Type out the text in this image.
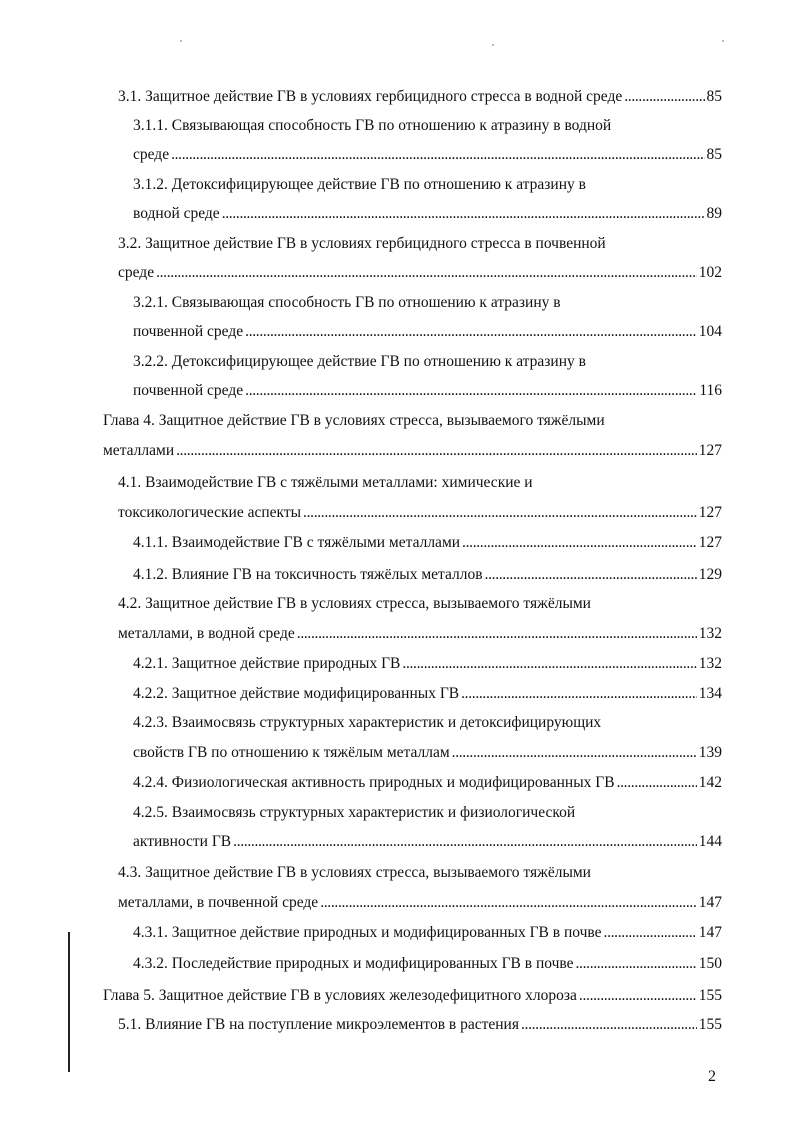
3.1. Защитное действие ГВ в условиях гербицидного стресса в водной среде . . .	85
3.1.1. Связывающая способность ГВ по отношению к атразину в водной
среде . . .	85
3.1.2. Детоксифицирующее действие ГВ по отношению к атразину в
водной среде . . .	89
3.2. Защитное действие ГВ в условиях гербицидного стресса в почвенной
среде . . .	102
3.2.1. Связывающая способность ГВ по отношению к атразину в
почвенной среде . . .	104
3.2.2. Детоксифицирующее действие ГВ по отношению к атразину в
почвенной среде . . .	116
Глава 4. Защитное действие ГВ в условиях стресса, вызываемого тяжёлыми
металлами . . .	127
4.1. Взаимодействие ГВ с тяжёлыми металлами: химические и
токсикологические аспекты . . .	127
4.1.1. Взаимодействие ГВ с тяжёлыми металлами . . .	127
4.1.2. Влияние ГВ на токсичность тяжёлых металлов . . .	129
4.2. Защитное действие ГВ в условиях стресса, вызываемого тяжёлыми
металлами, в водной среде . . .	132
4.2.1. Защитное действие природных ГВ . . .	132
4.2.2. Защитное действие модифицированных ГВ . . .	134
4.2.3. Взаимосвязь структурных характеристик и детоксифицирующих
свойств ГВ по отношению к тяжёлым металлам . . .	139
4.2.4. Физиологическая активность природных и модифицированных ГВ . . .	142
4.2.5. Взаимосвязь структурных характеристик и физиологической
активности ГВ . . .	144
4.3. Защитное действие ГВ в условиях стресса, вызываемого тяжёлыми
металлами, в почвенной среде . . .	147
4.3.1. Защитное действие природных и модифицированных ГВ в почве . . .	147
4.3.2. Последействие природных и модифицированных ГВ в почве . . .	150
Глава 5. Защитное действие ГВ в условиях железодефицитного хлороза . . .	155
5.1. Влияние ГВ на поступление микроэлементов в растения . . .	155
2
